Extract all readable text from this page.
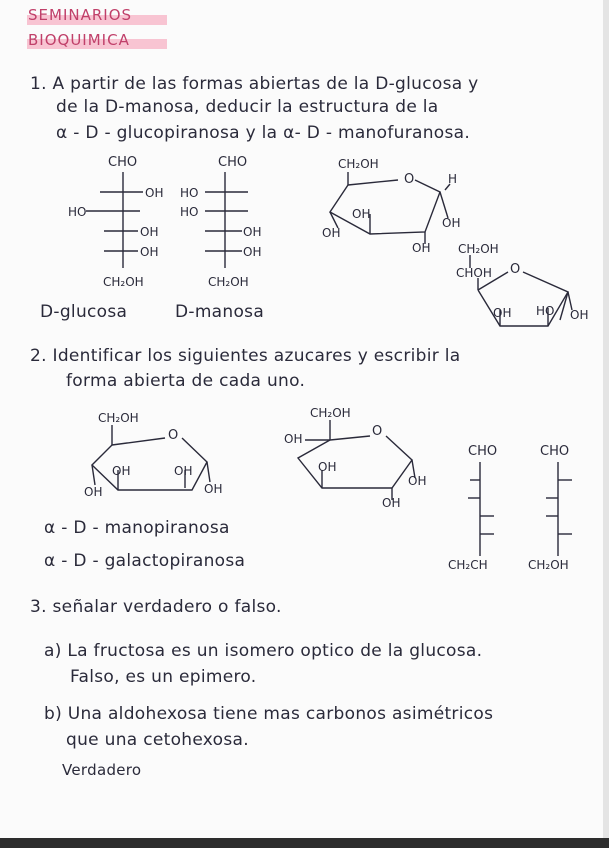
SEMINARIOS
BIOQUIMICA
1. A partir de las formas abiertas de la D-glucosa y
de la D-manosa, deducir la estructura de la
α - D - glucopiranosa y la α- D - manofuranosa.
CHO
OH
HO
OH
OH
CH₂OH
D-glucosa
CHO
HO
HO
OH
OH
CH₂OH
D-manosa
CH₂OH
O	H
OH
OH
OH
OH CH₂OH
CHOH O
OH HO OH
2. Identificar los siguientes azucares y escribir la
forma abierta de cada uno.
CH₂OH
O
OH	OH
OH	OH
CH₂OH
OH	O
OH
OH
OH
α - D - manopiranosa
α - D - galactopiranosa
CHO	CHO
CH₂CH	CH₂OH
3. señalar verdadero o falso.
a) La fructosa es un isomero optico de la glucosa.
Falso, es un epimero.
b) Una aldohexosa tiene mas carbonos asimétricos
que una cetohexosa.
Verdadero
